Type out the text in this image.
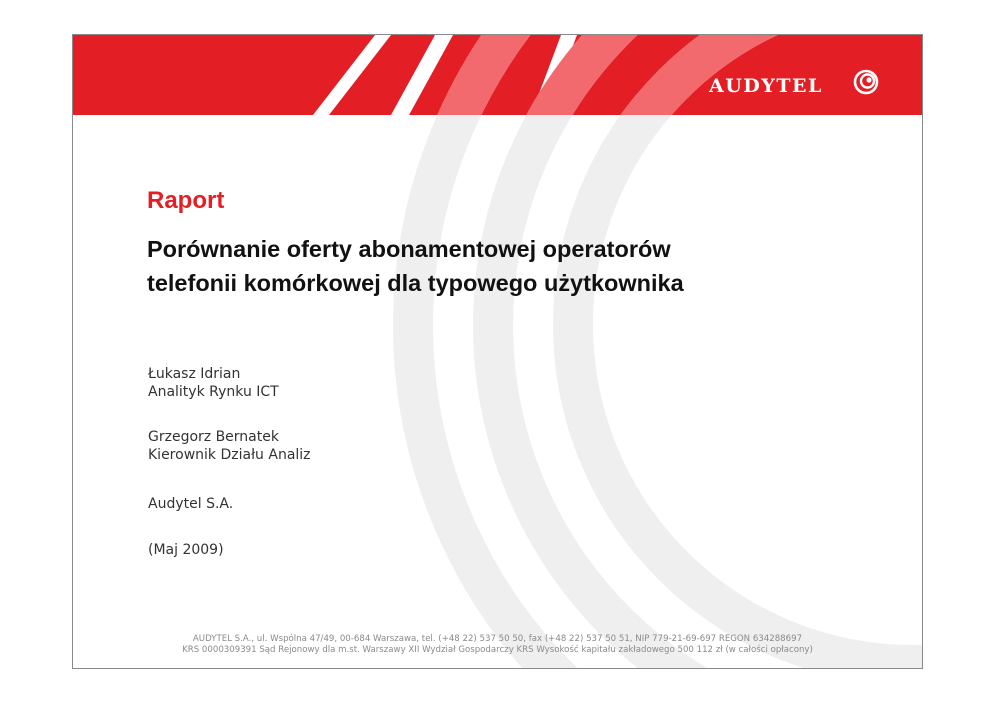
AUDYTEL
Raport
Porównanie oferty abonamentowej operatorów
telefonii komórkowej dla typowego użytkownika
Łukasz Idrian
Analityk Rynku ICT
Grzegorz Bernatek
Kierownik Działu Analiz
Audytel S.A.
(Maj 2009)
AUDYTEL S.A., ul. Wspólna 47/49, 00-684 Warszawa, tel. (+48 22) 537 50 50, fax (+48 22) 537 50 51, NIP 779-21-69-697 REGON 634288697
KRS 0000309391 Sąd Rejonowy dla m.st. Warszawy XII Wydział Gospodarczy KRS Wysokość kapitału zakładowego 500 112 zł (w całości opłacony)
